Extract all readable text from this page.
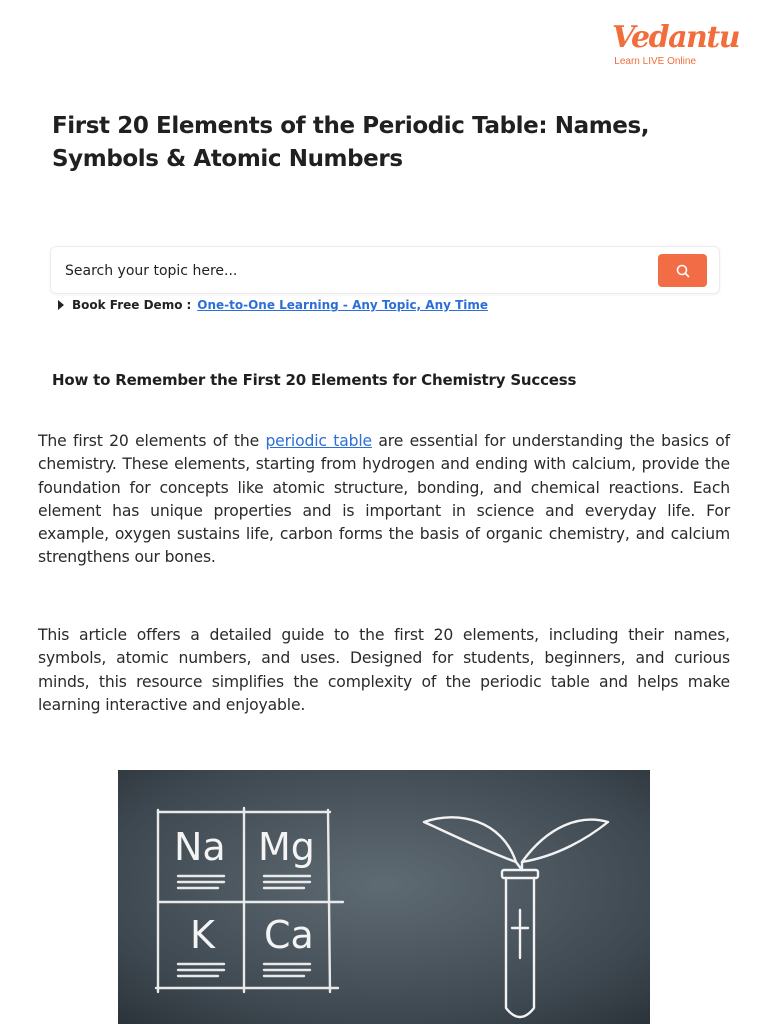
Vedantu
Learn LIVE Online
First 20 Elements of the Periodic Table: Names, Symbols & Atomic Numbers
Search your topic here...
Book Free Demo : One-to-One Learning - Any Topic, Any Time
How to Remember the First 20 Elements for Chemistry Success

The first 20 elements of the periodic table are essential for understanding the basics of chemistry. These elements, starting from hydrogen and ending with calcium, provide the foundation for concepts like atomic structure, bonding, and chemical reactions. Each element has unique properties and is important in science and everyday life. For example, oxygen sustains life, carbon forms the basis of organic chemistry, and calcium strengthens our bones.

This article offers a detailed guide to the first 20 elements, including their names, symbols, atomic numbers, and uses. Designed for students, beginners, and curious minds, this resource simplifies the complexity of the periodic table and helps make learning interactive and enjoyable.

Na Mg
K Ca
